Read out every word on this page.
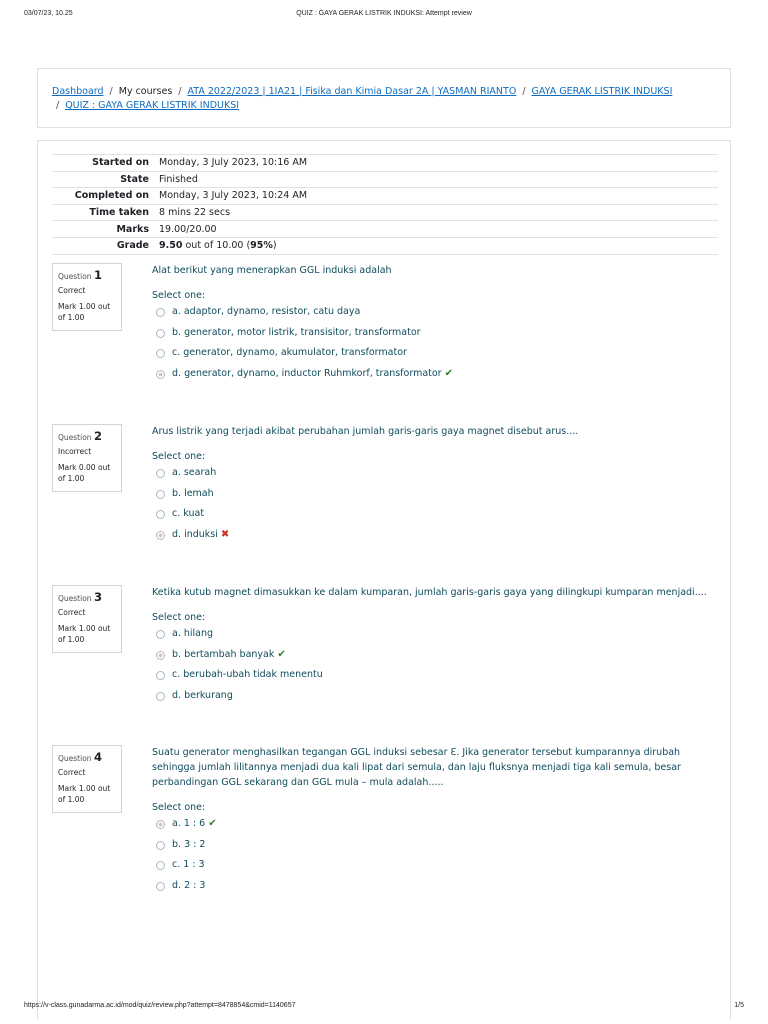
03/07/23, 10.25	QUIZ : GAYA GERAK LISTRIK INDUKSI: Attempt review
Dashboard / My courses / ATA 2022/2023 | 1IA21 | Fisika dan Kimia Dasar 2A | YASMAN RIANTO / GAYA GERAK LISTRIK INDUKSI
/ QUIZ : GAYA GERAK LISTRIK INDUKSI
Started on	Monday, 3 July 2023, 10:16 AM
State	Finished
Completed on	Monday, 3 July 2023, 10:24 AM
Time taken	8 mins 22 secs
Marks	19.00/20.00
Grade	9.50 out of 10.00 (95%)
Question 1
Correct
Mark 1.00 out of 1.00
Alat berikut yang menerapkan GGL induksi adalah
Select one:
a. adaptor, dynamo, resistor, catu daya
b. generator, motor listrik, transisitor, transformator
c. generator, dynamo, akumulator, transformator
d. generator, dynamo, inductor Ruhmkorf, transformator ✔
Question 2
Incorrect
Mark 0.00 out of 1.00
Arus listrik yang terjadi akibat perubahan jumlah garis-garis gaya magnet disebut arus....
Select one:
a. searah
b. lemah
c. kuat
d. induksi ✖
Question 3
Correct
Mark 1.00 out of 1.00
Ketika kutub magnet dimasukkan ke dalam kumparan, jumlah garis-garis gaya yang dilingkupi kumparan menjadi....
Select one:
a. hilang
b. bertambah banyak ✔
c. berubah-ubah tidak menentu
d. berkurang
Question 4
Correct
Mark 1.00 out of 1.00
Suatu generator menghasilkan tegangan GGL induksi sebesar ℇ. Jika generator tersebut kumparannya dirubah sehingga jumlah lilitannya menjadi dua kali lipat dari semula, dan laju fluksnya menjadi tiga kali semula, besar perbandingan GGL sekarang dan GGL mula – mula adalah.....
Select one:
a. 1 : 6 ✔
b. 3 : 2
c. 1 : 3
d. 2 : 3
https://v-class.gunadarma.ac.id/mod/quiz/review.php?attempt=8478854&cmid=1140657	1/5
